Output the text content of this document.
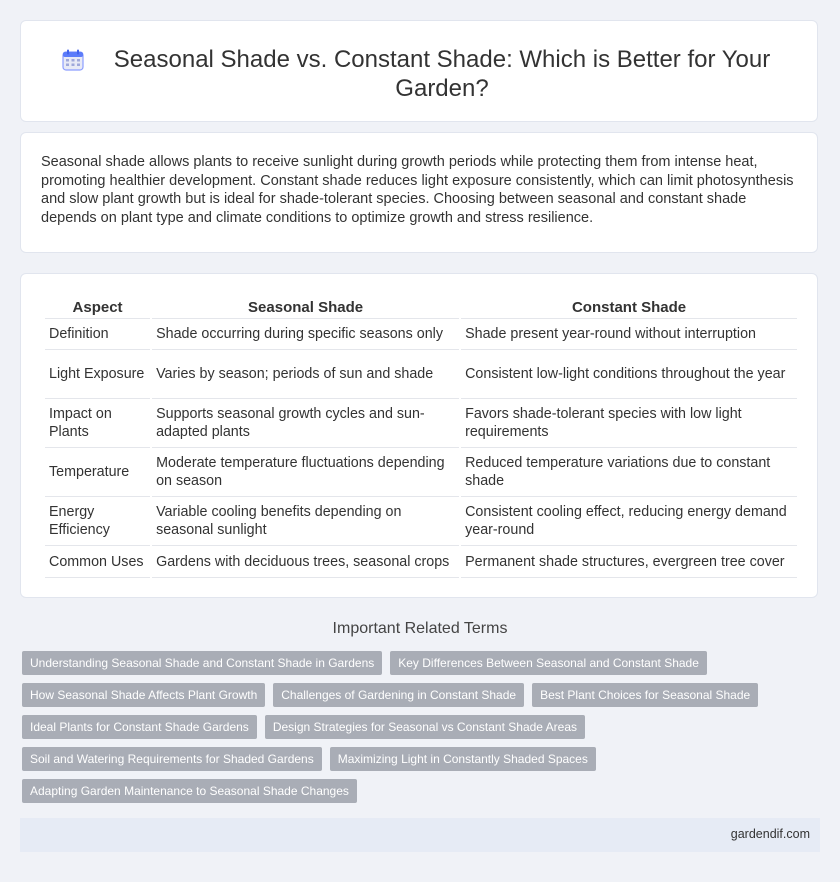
Seasonal Shade vs. Constant Shade: Which is Better for Your Garden?

Seasonal shade allows plants to receive sunlight during growth periods while protecting them from intense heat, promoting healthier development. Constant shade reduces light exposure consistently, which can limit photosynthesis and slow plant growth but is ideal for shade-tolerant species. Choosing between seasonal and constant shade depends on plant type and climate conditions to optimize growth and stress resilience.

Aspect	Seasonal Shade	Constant Shade
Definition	Shade occurring during specific seasons only	Shade present year-round without interruption
Light Exposure	Varies by season; periods of sun and shade	Consistent low-light conditions throughout the year
Impact on Plants	Supports seasonal growth cycles and sun-adapted plants	Favors shade-tolerant species with low light requirements
Temperature	Moderate temperature fluctuations depending on season	Reduced temperature variations due to constant shade
Energy Efficiency	Variable cooling benefits depending on seasonal sunlight	Consistent cooling effect, reducing energy demand year-round
Common Uses	Gardens with deciduous trees, seasonal crops	Permanent shade structures, evergreen tree cover
Important Related Terms
Understanding Seasonal Shade and Constant Shade in Gardens	Key Differences Between Seasonal and Constant Shade
How Seasonal Shade Affects Plant Growth	Challenges of Gardening in Constant Shade	Best Plant Choices for Seasonal Shade
Ideal Plants for Constant Shade Gardens	Design Strategies for Seasonal vs Constant Shade Areas
Soil and Watering Requirements for Shaded Gardens	Maximizing Light in Constantly Shaded Spaces
Adapting Garden Maintenance to Seasonal Shade Changes
gardendif.com
